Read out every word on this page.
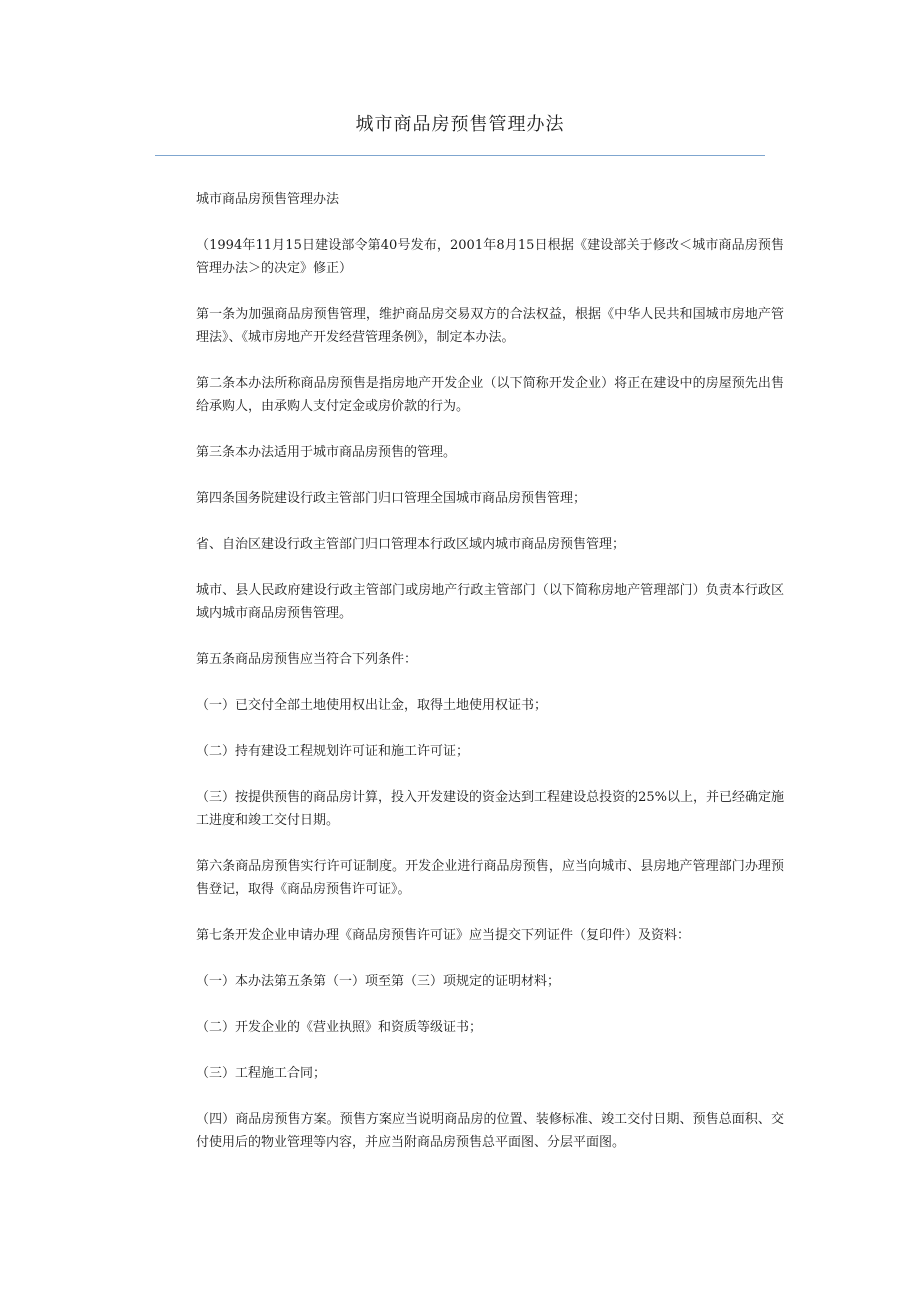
城市商品房预售管理办法

城市商品房预售管理办法

（1994年11月15日建设部令第40号发布，2001年8月15日根据《建设部关于修改＜城市商品房预售管理办法＞的决定》修正）

第一条为加强商品房预售管理，维护商品房交易双方的合法权益，根据《中华人民共和国城市房地产管理法》、《城市房地产开发经营管理条例》，制定本办法。

第二条本办法所称商品房预售是指房地产开发企业（以下简称开发企业）将正在建设中的房屋预先出售给承购人，由承购人支付定金或房价款的行为。

第三条本办法适用于城市商品房预售的管理。

第四条国务院建设行政主管部门归口管理全国城市商品房预售管理；

省、自治区建设行政主管部门归口管理本行政区域内城市商品房预售管理；

城市、县人民政府建设行政主管部门或房地产行政主管部门（以下简称房地产管理部门）负责本行政区域内城市商品房预售管理。

第五条商品房预售应当符合下列条件：

（一）已交付全部土地使用权出让金，取得土地使用权证书；

（二）持有建设工程规划许可证和施工许可证；

（三）按提供预售的商品房计算，投入开发建设的资金达到工程建设总投资的25%以上，并已经确定施工进度和竣工交付日期。

第六条商品房预售实行许可证制度。开发企业进行商品房预售，应当向城市、县房地产管理部门办理预售登记，取得《商品房预售许可证》。

第七条开发企业申请办理《商品房预售许可证》应当提交下列证件（复印件）及资料：

（一）本办法第五条第（一）项至第（三）项规定的证明材料；

（二）开发企业的《营业执照》和资质等级证书；

（三）工程施工合同；

（四）商品房预售方案。预售方案应当说明商品房的位置、装修标准、竣工交付日期、预售总面积、交付使用后的物业管理等内容，并应当附商品房预售总平面图、分层平面图。
